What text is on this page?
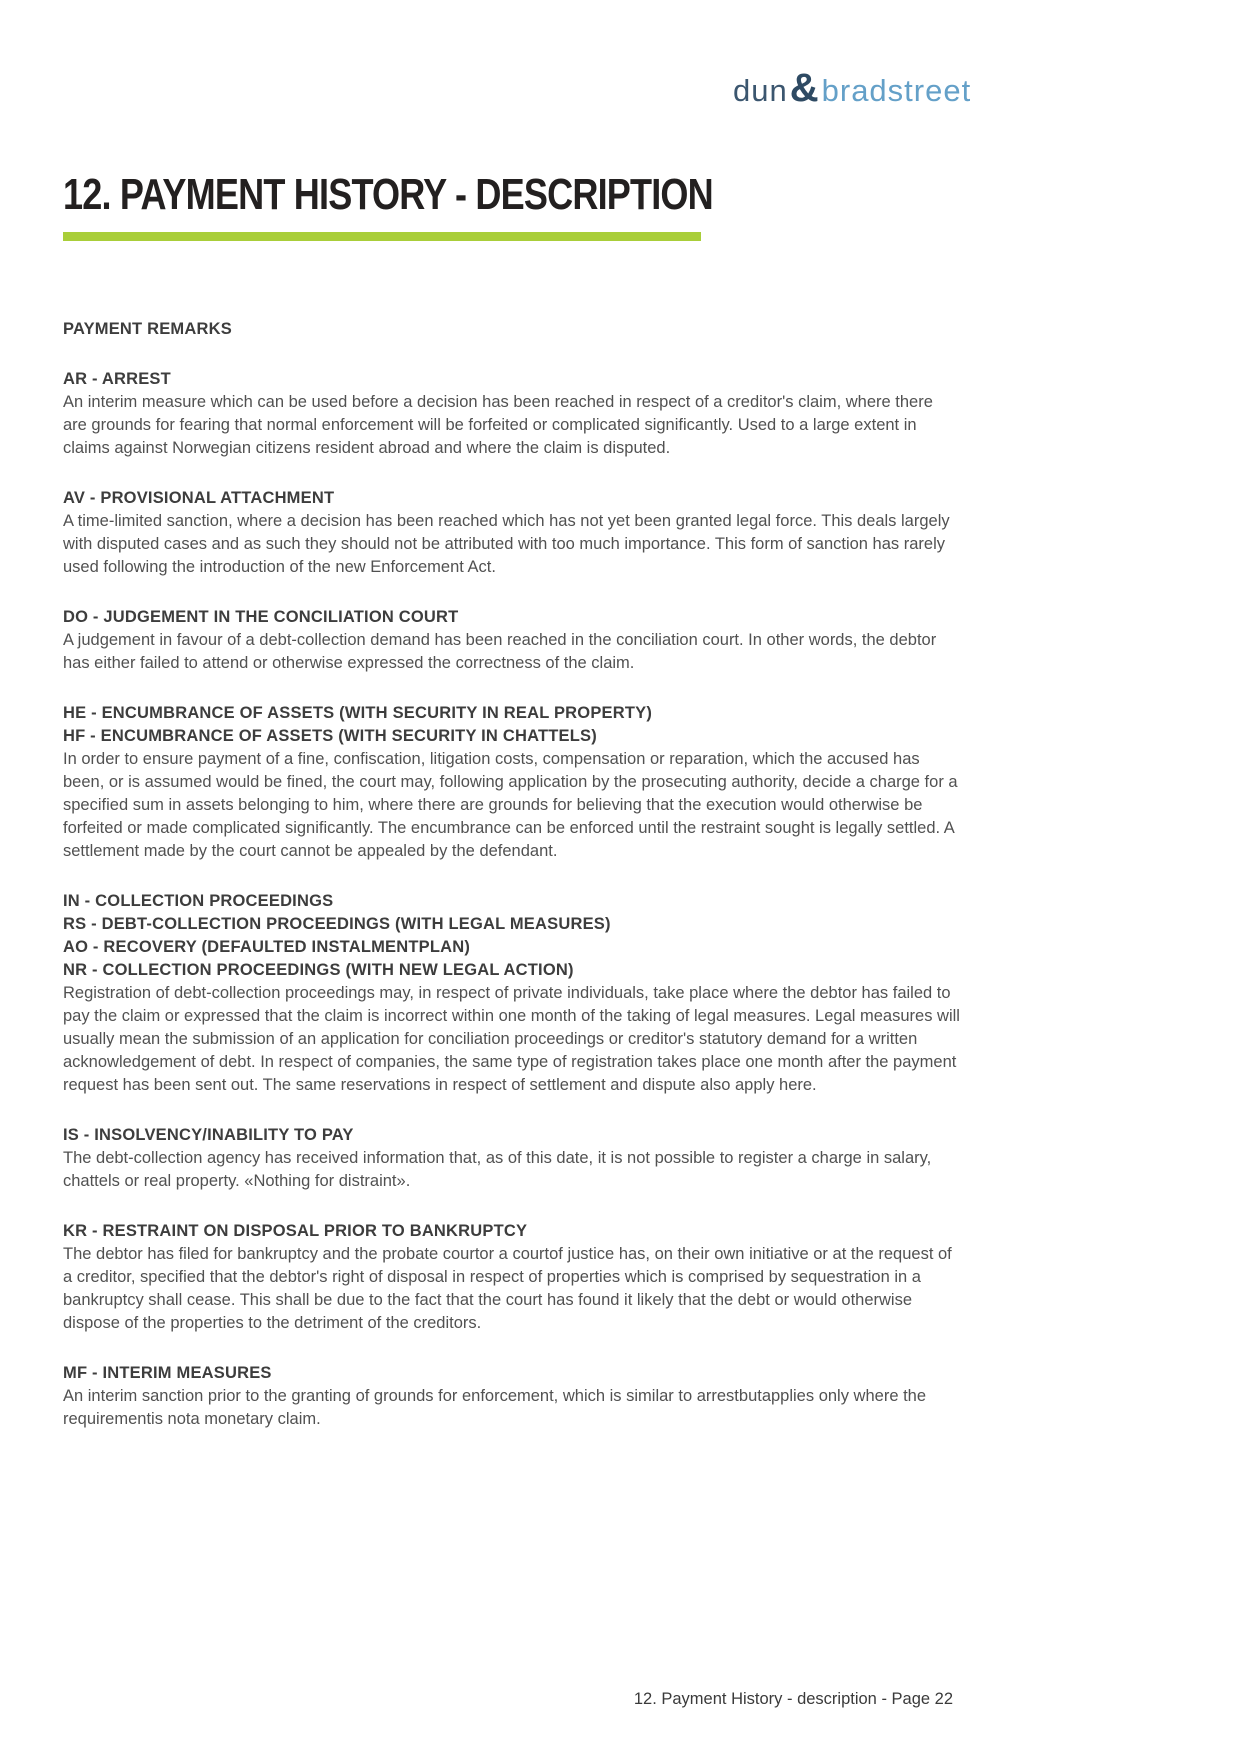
dun & bradstreet
12. PAYMENT HISTORY - DESCRIPTION
PAYMENT REMARKS
AR - ARREST

An interim measure which can be used before a decision has been reached in respect of a creditor's claim, where there are grounds for fearing that normal enforcement will be forfeited or complicated significantly. Used to a large extent in claims against Norwegian citizens resident abroad and where the claim is disputed.

AV - PROVISIONAL ATTACHMENT

A time-limited sanction, where a decision has been reached which has not yet been granted legal force. This deals largely with disputed cases and as such they should not be attributed with too much importance. This form of sanction has rarely used following the introduction of the new Enforcement Act.

DO - JUDGEMENT IN THE CONCILIATION COURT

A judgement in favour of a debt-collection demand has been reached in the conciliation court. In other words, the debtor has either failed to attend or otherwise expressed the correctness of the claim.

HE - ENCUMBRANCE OF ASSETS (WITH SECURITY IN REAL PROPERTY)
HF - ENCUMBRANCE OF ASSETS (WITH SECURITY IN CHATTELS)

In order to ensure payment of a fine, confiscation, litigation costs, compensation or reparation, which the accused has been, or is assumed would be fined, the court may, following application by the prosecuting authority, decide a charge for a specified sum in assets belonging to him, where there are grounds for believing that the execution would otherwise be forfeited or made complicated significantly. The encumbrance can be enforced until the restraint sought is legally settled. A settlement made by the court cannot be appealed by the defendant.

IN - COLLECTION PROCEEDINGS
RS - DEBT-COLLECTION PROCEEDINGS (WITH LEGAL MEASURES)
AO - RECOVERY (DEFAULTED INSTALMENTPLAN)
NR - COLLECTION PROCEEDINGS (WITH NEW LEGAL ACTION)

Registration of debt-collection proceedings may, in respect of private individuals, take place where the debtor has failed to pay the claim or expressed that the claim is incorrect within one month of the taking of legal measures. Legal measures will usually mean the submission of an application for conciliation proceedings or creditor's statutory demand for a written acknowledgement of debt. In respect of companies, the same type of registration takes place one month after the payment request has been sent out. The same reservations in respect of settlement and dispute also apply here.

IS - INSOLVENCY/INABILITY TO PAY

The debt-collection agency has received information that, as of this date, it is not possible to register a charge in salary, chattels or real property. «Nothing for distraint».

KR - RESTRAINT ON DISPOSAL PRIOR TO BANKRUPTCY

The debtor has filed for bankruptcy and the probate courtor a courtof justice has, on their own initiative or at the request of a creditor, specified that the debtor's right of disposal in respect of properties which is comprised by sequestration in a bankruptcy shall cease. This shall be due to the fact that the court has found it likely that the debt or would otherwise dispose of the properties to the detriment of the creditors.

MF - INTERIM MEASURES

An interim sanction prior to the granting of grounds for enforcement, which is similar to arrestbutapplies only where the requirementis nota monetary claim.

12. Payment History - description - Page 22
